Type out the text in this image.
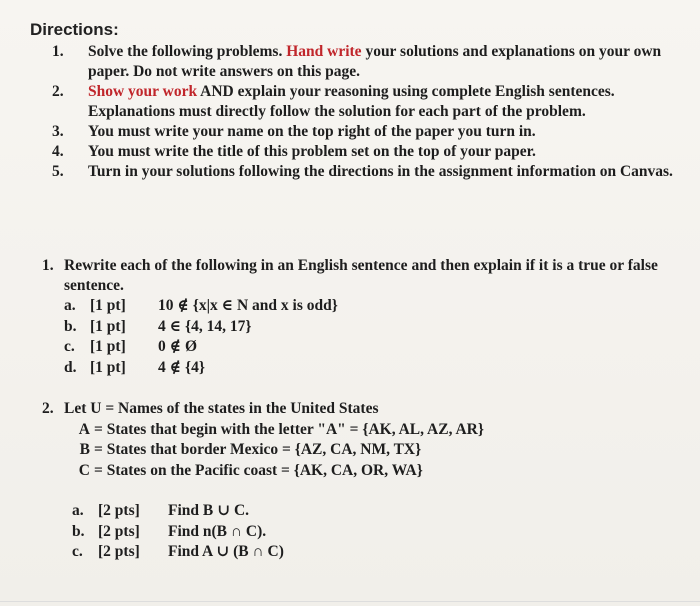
Directions:
1.	Solve the following problems. Hand write your solutions and explanations on your own paper. Do not write answers on this page.
2.	Show your work AND explain your reasoning using complete English sentences. Explanations must directly follow the solution for each part of the problem.
3.	You must write your name on the top right of the paper you turn in.
4.	You must write the title of this problem set on the top of your paper.
5.	Turn in your solutions following the directions in the assignment information on Canvas.
1. Rewrite each of the following in an English sentence and then explain if it is a true or false sentence.
a. [1 pt]	10 ∉ {x|x ∈ N and x is odd}
b. [1 pt]	4 ∈ {4, 14, 17}
c. [1 pt]	0 ∉ Ø
d. [1 pt]	4 ∉ {4}
2. Let U = Names of the states in the United States
A = States that begin with the letter "A" = {AK, AL, AZ, AR}
B = States that border Mexico = {AZ, CA, NM, TX}
C = States on the Pacific coast = {AK, CA, OR, WA}
a. [2 pts]	Find B ∪ C.
b. [2 pts]	Find n(B ∩ C).
c. [2 pts]	Find A ∪ (B ∩ C)
